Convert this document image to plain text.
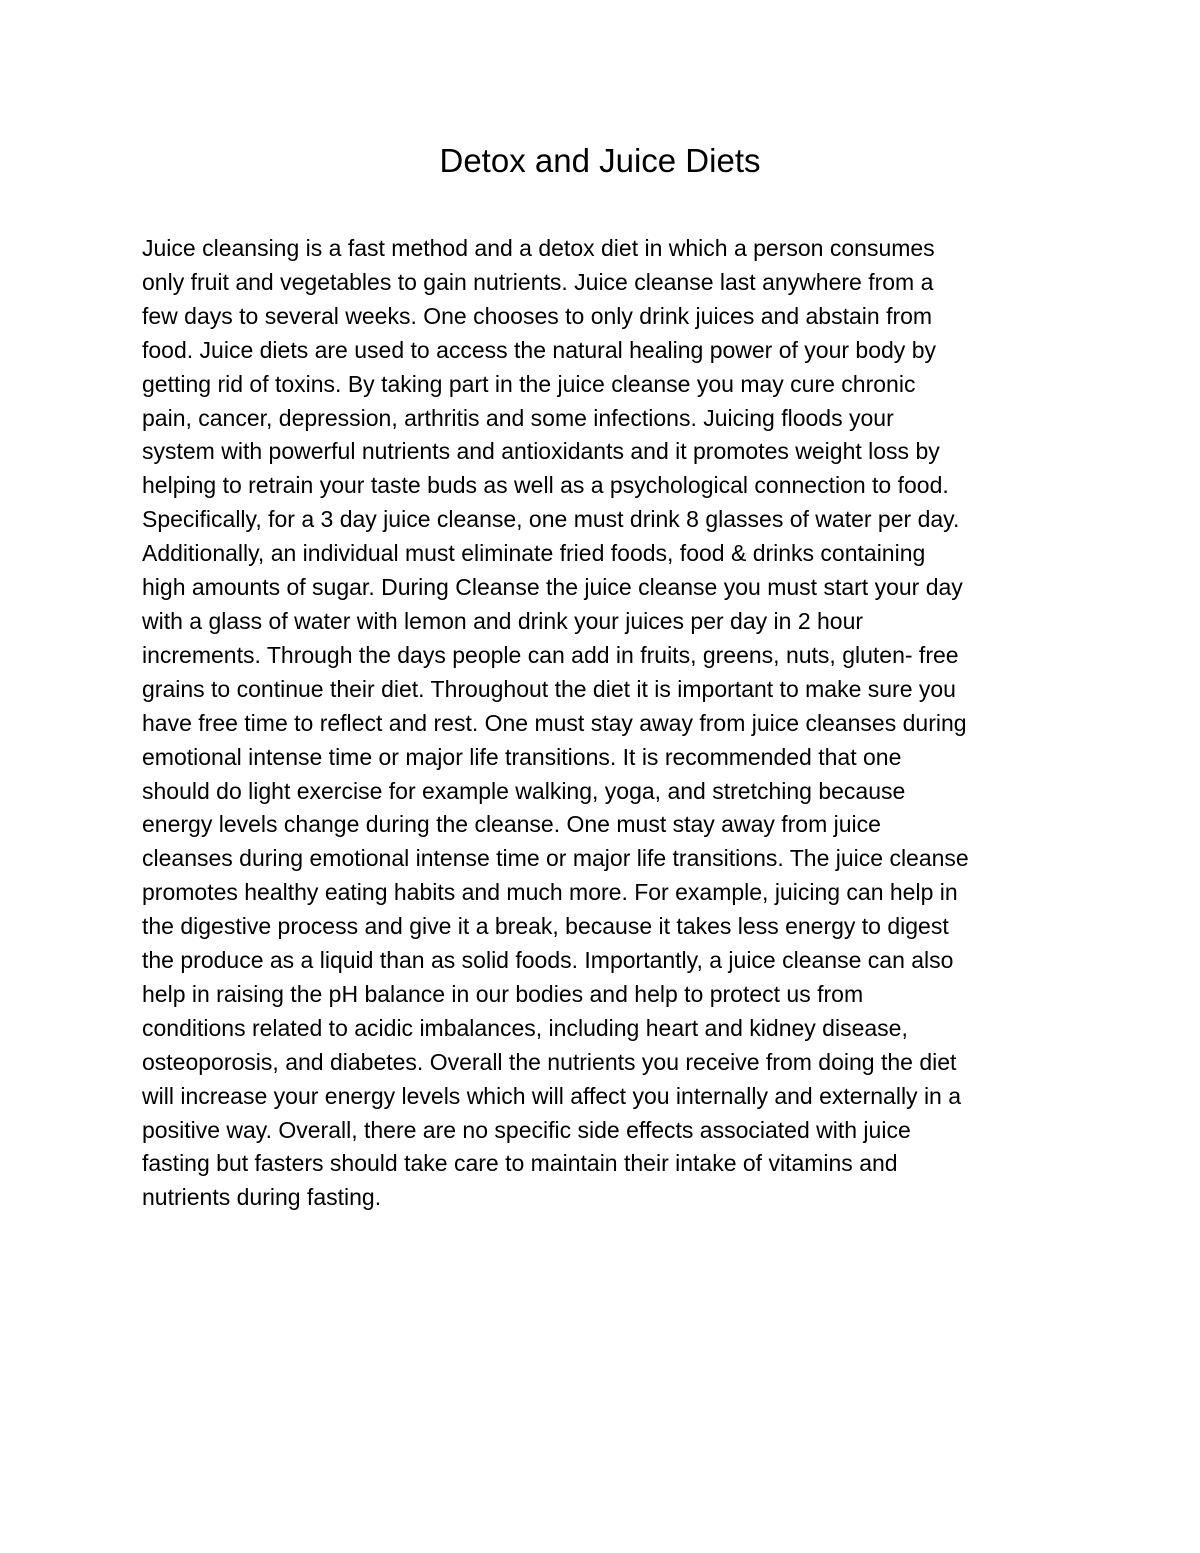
Detox and Juice Diets
Juice cleansing is a fast method and a detox diet in which a person consumes
only fruit and vegetables to gain nutrients. Juice cleanse last anywhere from a
few days to several weeks. One chooses to only drink juices and abstain from
food. Juice diets are used to access the natural healing power of your body by
getting rid of toxins. By taking part in the juice cleanse you may cure chronic
pain, cancer, depression, arthritis and some infections. Juicing floods your
system with powerful nutrients and antioxidants and it promotes weight loss by
helping to retrain your taste buds as well as a psychological connection to food.
Specifically, for a 3 day juice cleanse, one must drink 8 glasses of water per day.
Additionally, an individual must eliminate fried foods, food & drinks containing
high amounts of sugar. During Cleanse the juice cleanse you must start your day
with a glass of water with lemon and drink your juices per day in 2 hour
increments. Through the days people can add in fruits, greens, nuts, gluten- free
grains to continue their diet. Throughout the diet it is important to make sure you
have free time to reflect and rest. One must stay away from juice cleanses during
emotional intense time or major life transitions. It is recommended that one
should do light exercise for example walking, yoga, and stretching because
energy levels change during the cleanse. One must stay away from juice
cleanses during emotional intense time or major life transitions. The juice cleanse
promotes healthy eating habits and much more. For example, juicing can help in
the digestive process and give it a break, because it takes less energy to digest
the produce as a liquid than as solid foods. Importantly, a juice cleanse can also
help in raising the pH balance in our bodies and help to protect us from
conditions related to acidic imbalances, including heart and kidney disease,
osteoporosis, and diabetes. Overall the nutrients you receive from doing the diet
will increase your energy levels which will affect you internally and externally in a
positive way. Overall, there are no specific side effects associated with juice
fasting but fasters should take care to maintain their intake of vitamins and
nutrients during fasting.
